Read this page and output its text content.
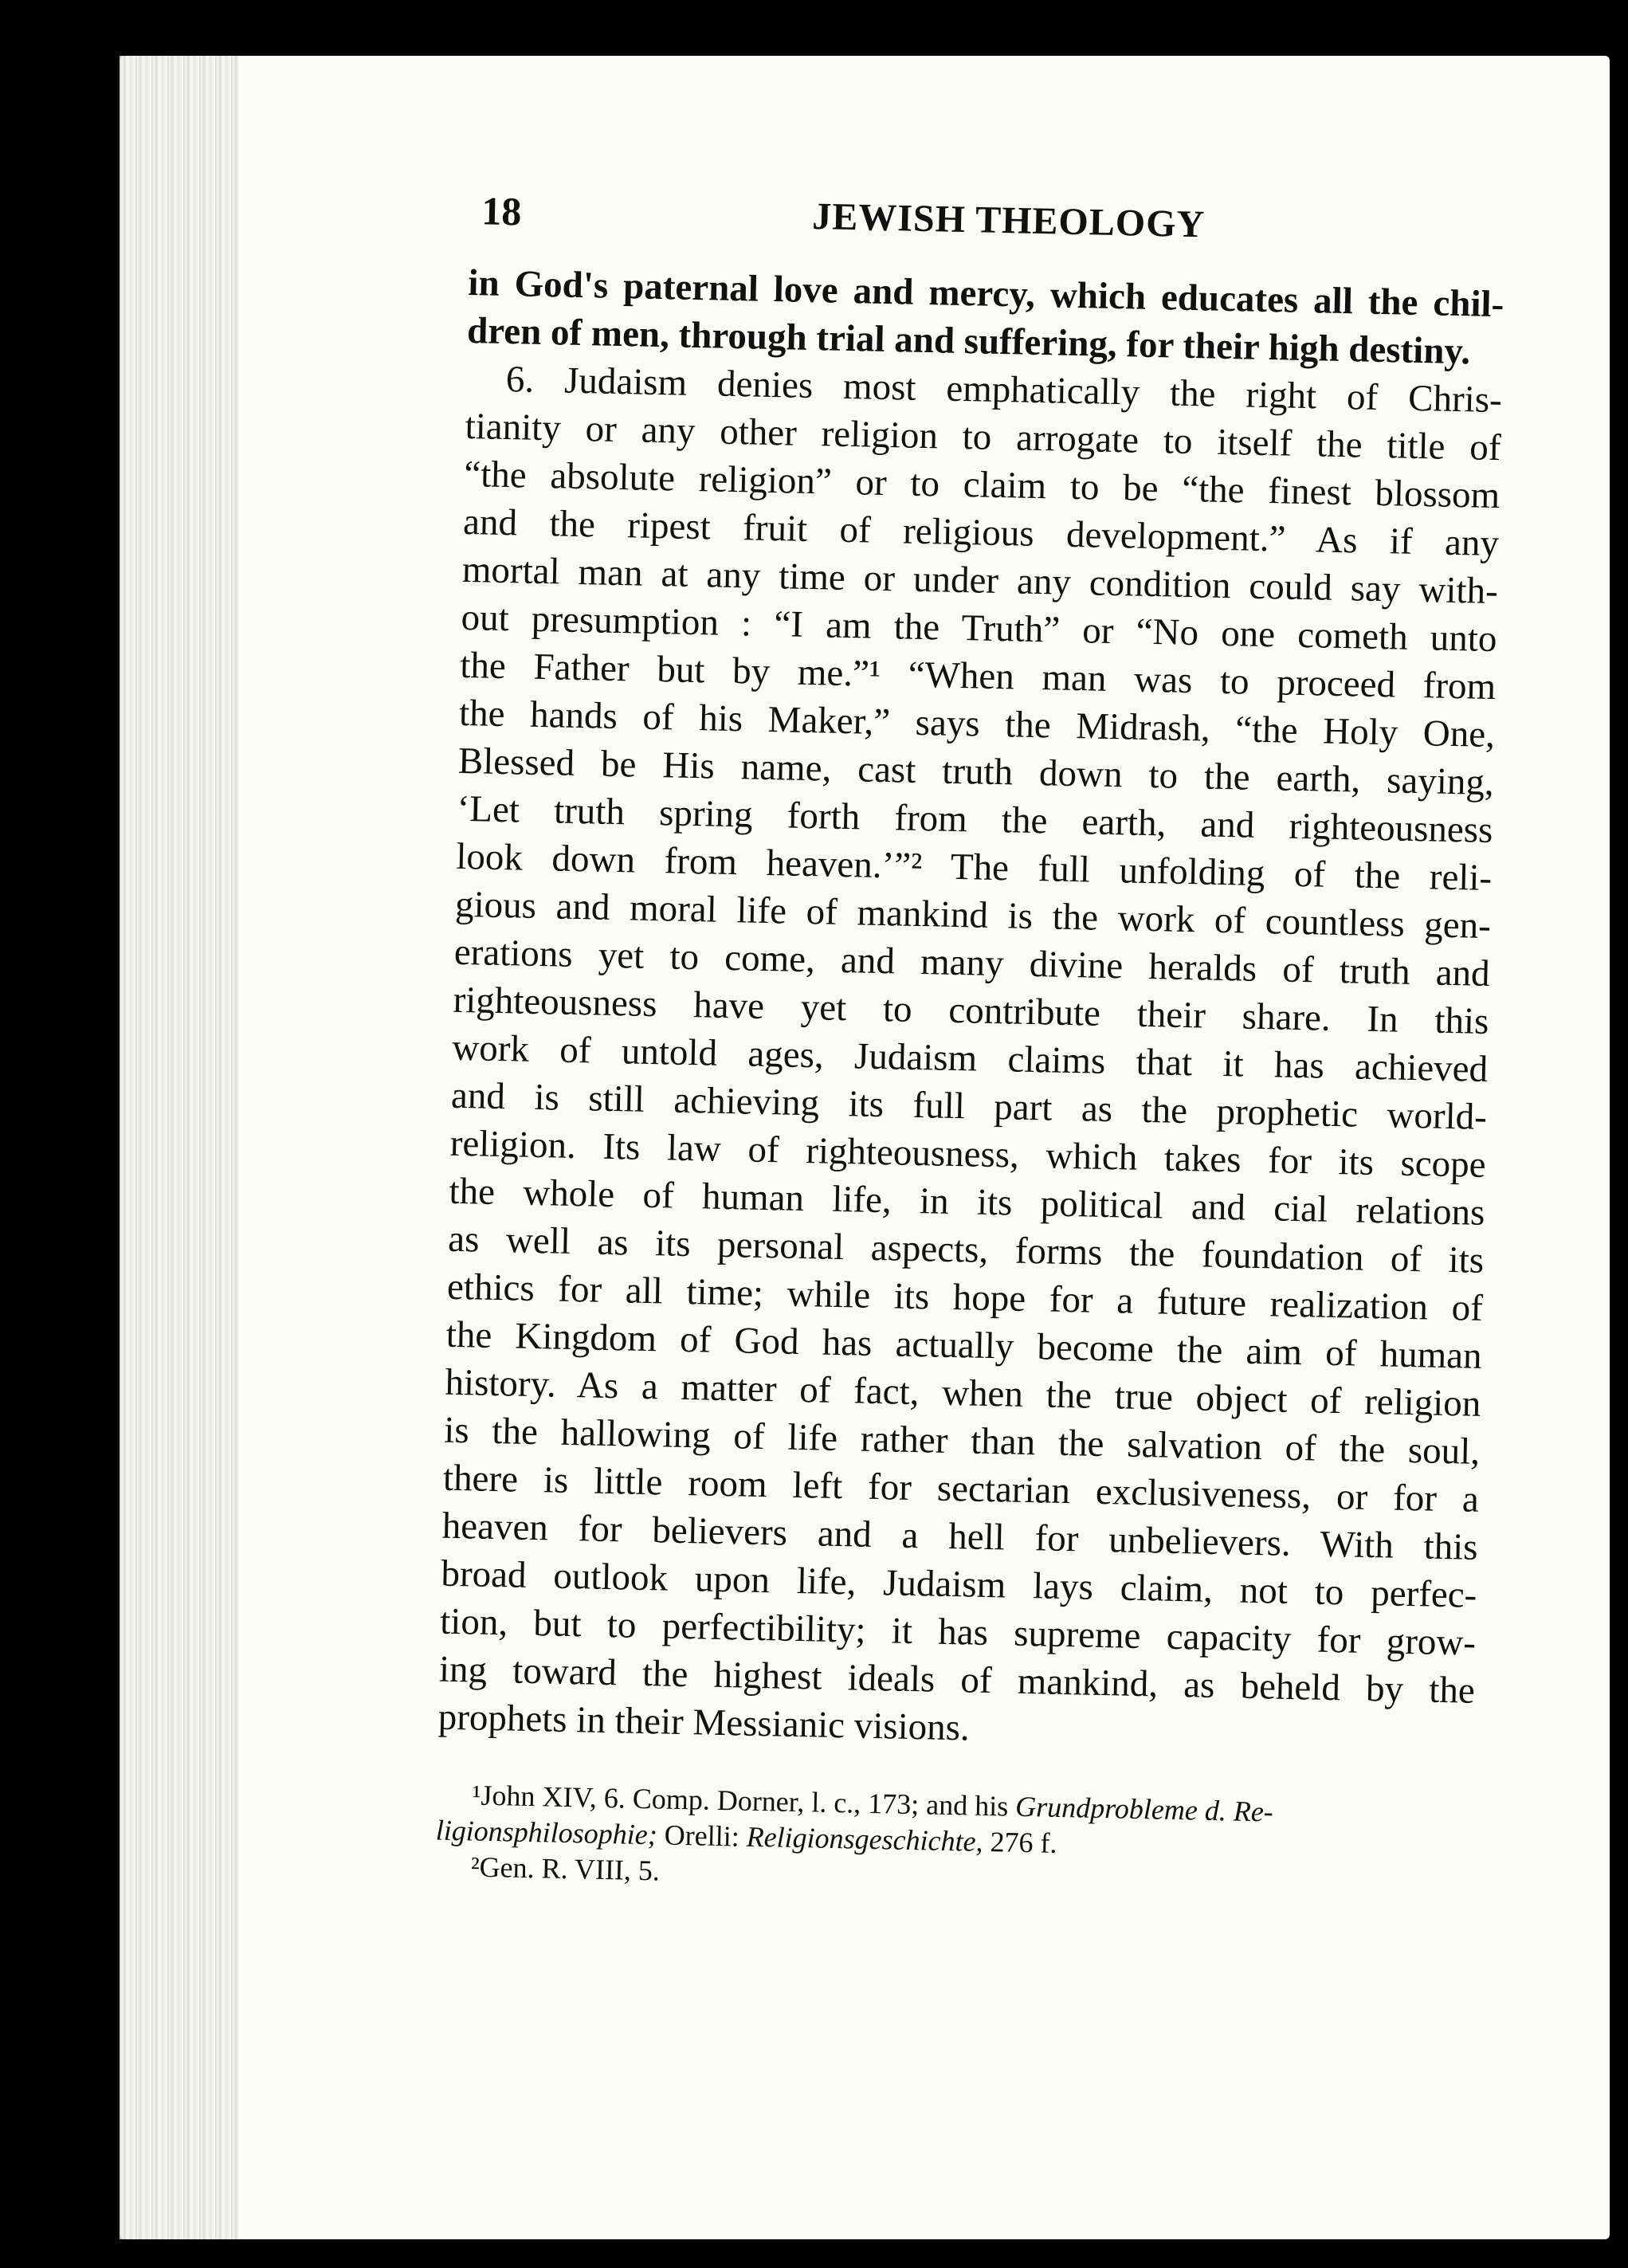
18	JEWISH THEOLOGY
in God's paternal love and mercy, which educates all the chil-
dren of men, through trial and suffering, for their high destiny.
6. Judaism denies most emphatically the right of Chris-
tianity or any other religion to arrogate to itself the title of
“the absolute religion” or to claim to be “the finest blossom
and the ripest fruit of religious development.” As if any
mortal man at any time or under any condition could say with-
out presumption : “I am the Truth” or “No one cometh unto
the Father but by me.”¹ “When man was to proceed from
the hands of his Maker,” says the Midrash, “the Holy One,
Blessed be His name, cast truth down to the earth, saying,
‘Let truth spring forth from the earth, and righteousness
look down from heaven.’”² The full unfolding of the reli-
gious and moral life of mankind is the work of countless gen-
erations yet to come, and many divine heralds of truth and
righteousness have yet to contribute their share. In this
work of untold ages, Judaism claims that it has achieved
and is still achieving its full part as the prophetic world-
religion. Its law of righteousness, which takes for its scope
the whole of human life, in its political and cial relations
as well as its personal aspects, forms the foundation of its
ethics for all time; while its hope for a future realization of
the Kingdom of God has actually become the aim of human
history. As a matter of fact, when the true object of religion
is the hallowing of life rather than the salvation of the soul,
there is little room left for sectarian exclusiveness, or for a
heaven for believers and a hell for unbelievers. With this
broad outlook upon life, Judaism lays claim, not to perfec-
tion, but to perfectibility; it has supreme capacity for grow-
ing toward the highest ideals of mankind, as beheld by the
prophets in their Messianic visions.
¹John XIV, 6. Comp. Dorner, l. c., 173; and his Grundprobleme d. Re-
ligionsphilosophie; Orelli: Religionsgeschichte, 276 f.
²Gen. R. VIII, 5.
